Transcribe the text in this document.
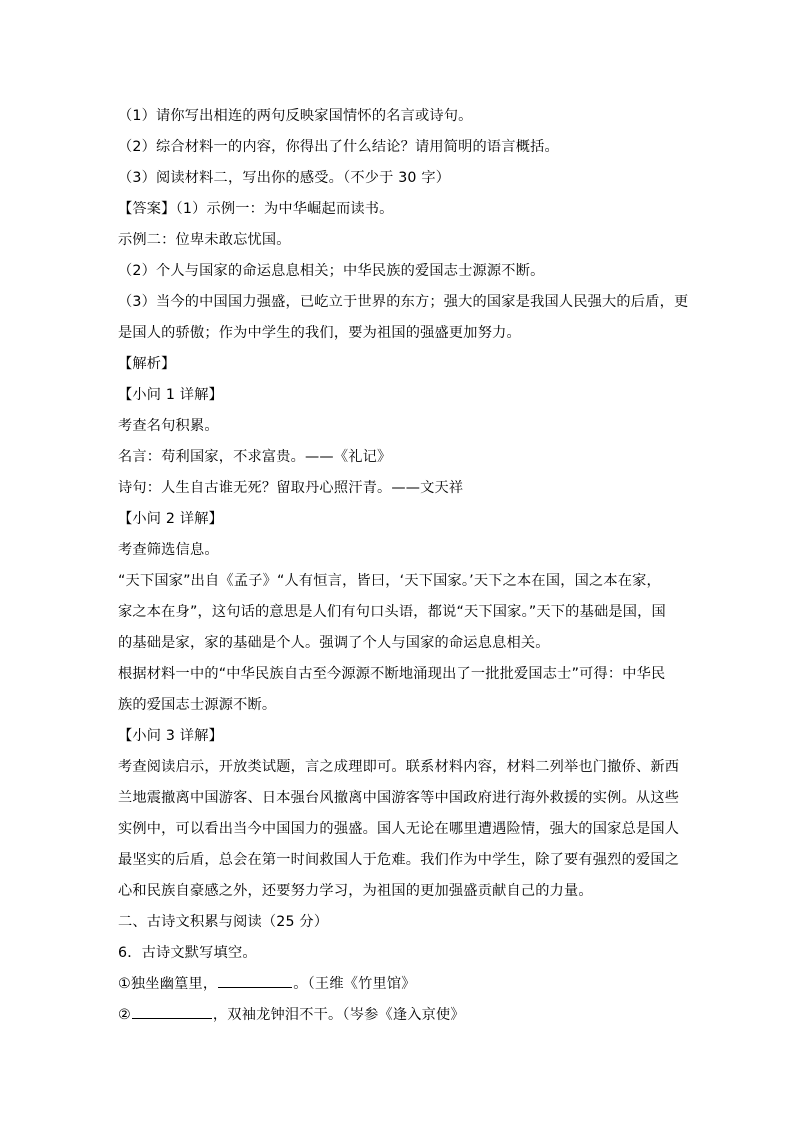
（1）请你写出相连的两句反映家国情怀的名言或诗句。
（2）综合材料一的内容，你得出了什么结论？请用简明的语言概括。
（3）阅读材料二，写出你的感受。（不少于 30 字）
【答案】（1）示例一：为中华崛起而读书。
示例二：位卑未敢忘忧国。
（2）个人与国家的命运息息相关；中华民族的爱国志士源源不断。
（3）当今的中国国力强盛，已屹立于世界的东方；强大的国家是我国人民强大的后盾，更
是国人的骄傲；作为中学生的我们，要为祖国的强盛更加努力。
【解析】
【小问 1 详解】
考查名句积累。
名言：苟利国家，不求富贵。——《礼记》
诗句：人生自古谁无死？留取丹心照汗青。——文天祥
【小问 2 详解】
考查筛选信息。
“天下国家”出自《孟子》“人有恒言，皆曰，‘天下国家。’天下之本在国，国之本在家，
家之本在身”，这句话的意思是人们有句口头语，都说“天下国家。”天下的基础是国，国
的基础是家，家的基础是个人。强调了个人与国家的命运息息相关。
根据材料一中的“中华民族自古至今源源不断地涌现出了一批批爱国志士”可得：中华民
族的爱国志士源源不断。
【小问 3 详解】
考查阅读启示，开放类试题，言之成理即可。联系材料内容，材料二列举也门撤侨、新西
兰地震撤离中国游客、日本强台风撤离中国游客等中国政府进行海外救援的实例。从这些
实例中，可以看出当今中国国力的强盛。国人无论在哪里遭遇险情，强大的国家总是国人
最坚实的后盾，总会在第一时间救国人于危难。我们作为中学生，除了要有强烈的爱国之
心和民族自豪感之外，还要努力学习，为祖国的更加强盛贡献自己的力量。
二、古诗文积累与阅读（25 分）
6．古诗文默写填空。
①独坐幽篁里，	。（王维《竹里馆》
②	，双袖龙钟泪不干。（岑参《逢入京使》
